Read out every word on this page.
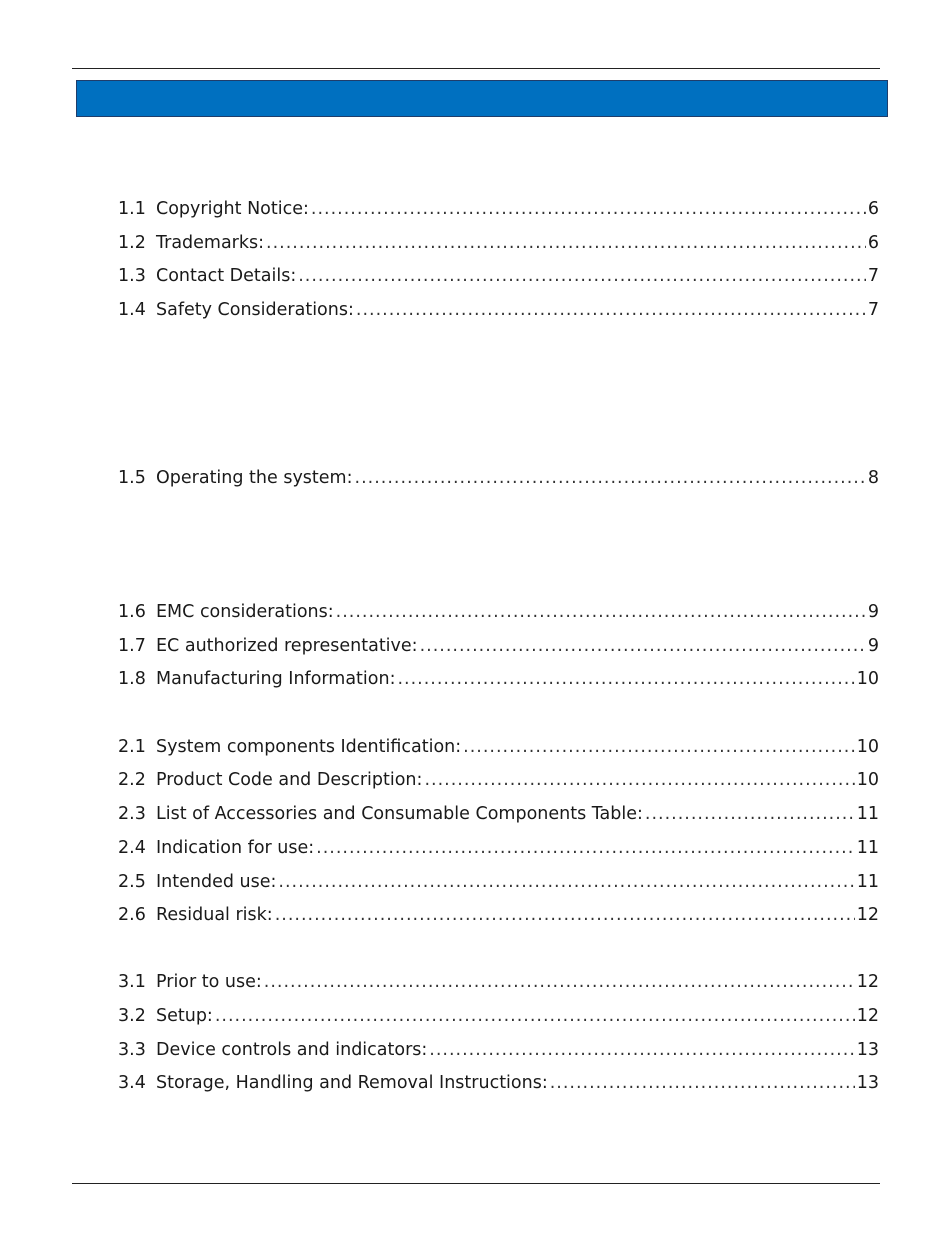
1.1 Copyright Notice: .....	6
1.2 Trademarks: .....	6
1.3 Contact Details: .....	7
1.4 Safety Considerations: .....	7
1.5 Operating the system: .....	8
1.6 EMC considerations: .....	9
1.7 EC authorized representative: .....	9
1.8 Manufacturing Information: .....	10
2.1 System components Identification: .....	10
2.2 Product Code and Description: .....	10
2.3 List of Accessories and Consumable Components Table: .....	11
2.4 Indication for use: .....	11
2.5 Intended use: .....	11
2.6 Residual risk: .....	12
3.1 Prior to use: .....	12
3.2 Setup: .....	12
3.3 Device controls and indicators: .....	13
3.4 Storage, Handling and Removal Instructions: .....	13
